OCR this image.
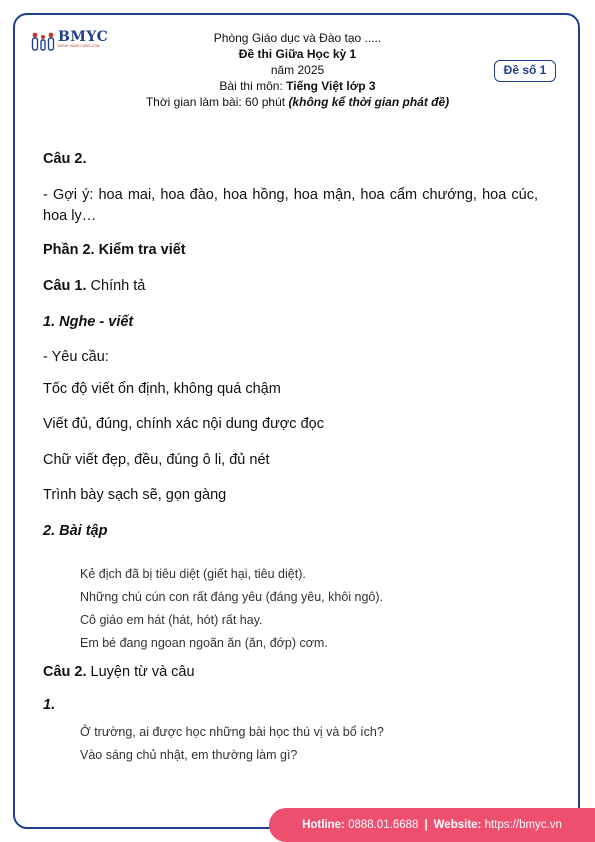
BMYC
ĐỒNG HÀNH CÙNG CON
Phòng Giáo dục và Đào tạo .....
Đề thi Giữa Học kỳ 1
năm 2025
Bài thi môn: Tiếng Việt lớp 3
Thời gian làm bài: 60 phút (không kể thời gian phát đề)
Đề số 1

Câu 2.

- Gợi ý: hoa mai, hoa đào, hoa hồng, hoa mận, hoa cẩm chướng, hoa cúc, hoa ly…

Phần 2. Kiểm tra viết

Câu 1. Chính tả

1. Nghe - viết

- Yêu cầu:

Tốc độ viết ổn định, không quá chậm

Viết đủ, đúng, chính xác nội dung được đọc

Chữ viết đẹp, đều, đúng ô li, đủ nét

Trình bày sạch sẽ, gọn gàng

2. Bài tập

Kẻ địch đã bị tiêu diệt (giết hại, tiêu diệt).

Những chú cún con rất đáng yêu (đáng yêu, khôi ngô).

Cô giáo em hát (hát, hót) rất hay.

Em bé đang ngoan ngoãn ăn (ăn, đớp) cơm.

Câu 2. Luyện từ và câu

1.

Ở trường, ai được học những bài học thú vị và bổ ích?

Vào sáng chủ nhật, em thường làm gì?

Hotline: 0888.01.6688 | Website: https://bmyc.vn
